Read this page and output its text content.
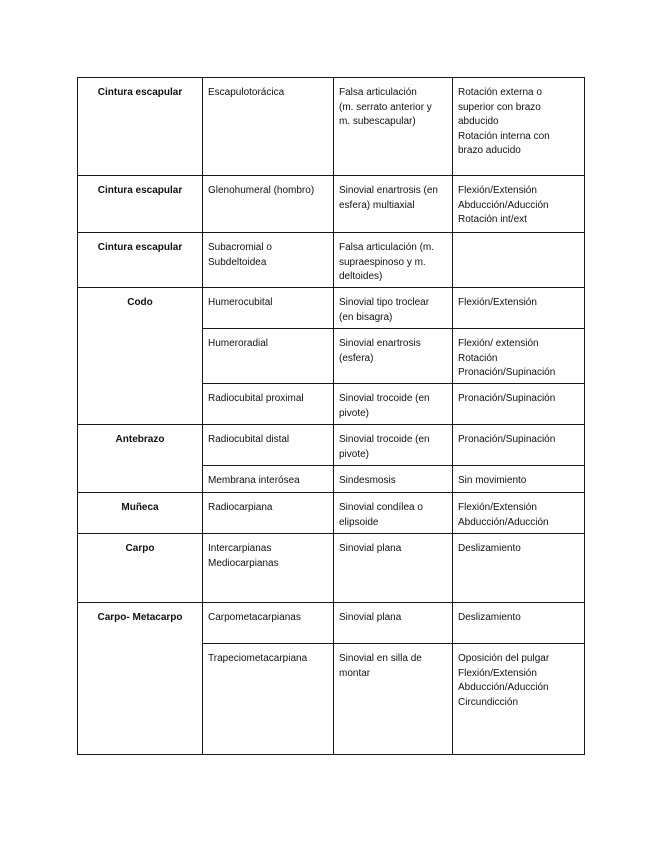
Cintura escapular	Escapulotorácica	Falsa articulación
(m. serrato anterior y
m. subescapular)	Rotación externa o
superior con brazo
abducido
Rotación interna con
brazo aducido
Cintura escapular	Glenohumeral (hombro)	Sinovial enartrosis (en
esfera) multiaxial	Flexión/Extensión
Abducción/Aducción
Rotación int/ext
Cintura escapular	Subacromial o
Subdeltoidea	Falsa articulación (m.
supraespinoso y m.
deltoides)	
Codo	Humerocubital	Sinovial tipo troclear
(en bisagra)	Flexión/Extensión
	Humeroradial	Sinovial enartrosis
(esfera)	Flexión/ extensión
Rotación
Pronación/Supinación
	Radiocubital proximal	Sinovial trocoide (en
pivote)	Pronación/Supinación
Antebrazo	Radiocubital distal	Sinovial trocoide (en
pivote)	Pronación/Supinación
	Membrana interósea	Sindesmosis	Sin movimiento
Muñeca	Radiocarpiana	Sinovial condílea o
elipsoide	Flexión/Extensión
Abducción/Aducción
Carpo	Intercarpianas
Mediocarpianas	Sinovial plana	Deslizamiento
Carpo- Metacarpo	Carpometacarpianas	Sinovial plana	Deslizamiento
	Trapeciometacarpiana	Sinovial en silla de
montar	Oposición del pulgar
Flexión/Extensión
Abducción/Aducción
Circundicción
